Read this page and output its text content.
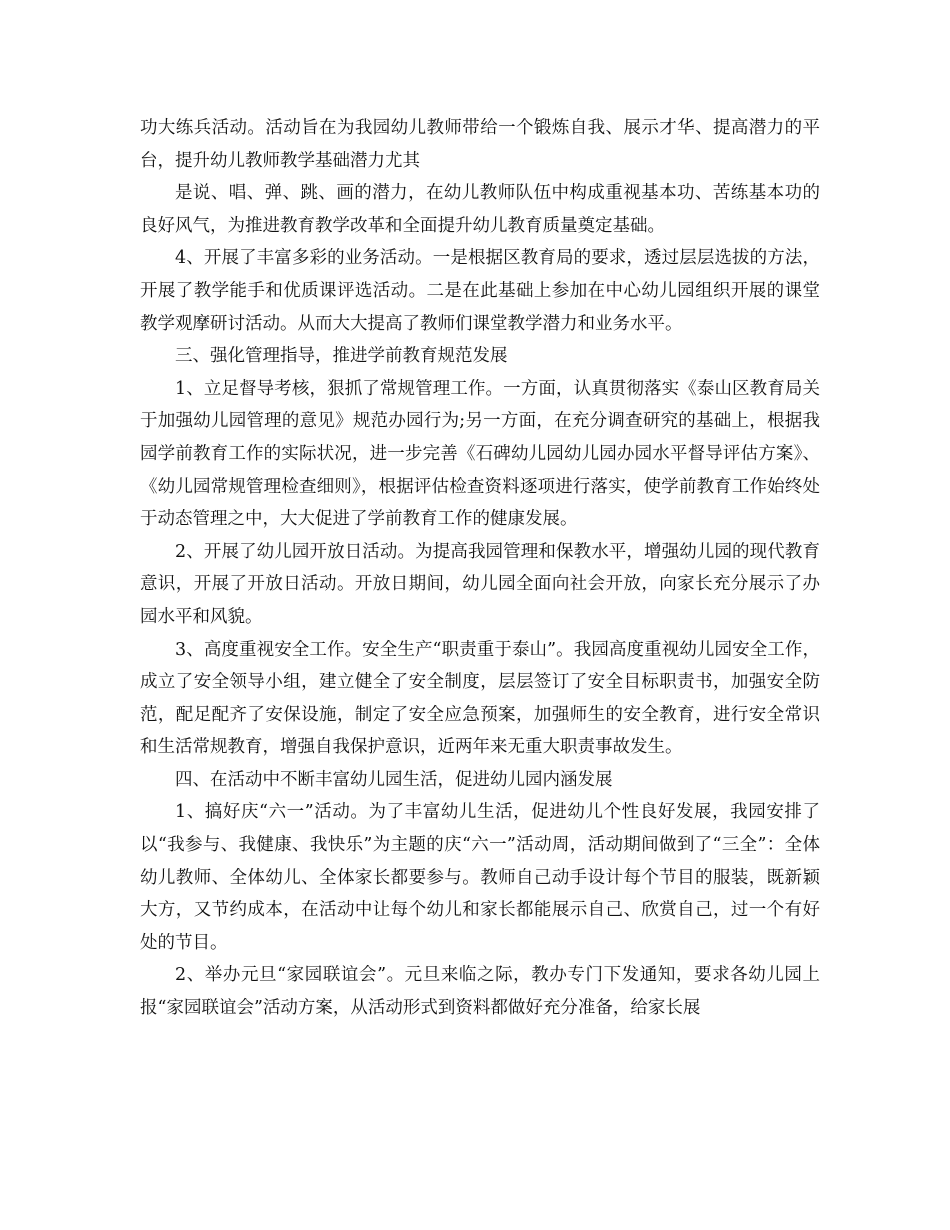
功大练兵活动。活动旨在为我园幼儿教师带给一个锻炼自我、展示才华、提高潜力的平台，提升幼儿教师教学基础潜力尤其

是说、唱、弹、跳、画的潜力，在幼儿教师队伍中构成重视基本功、苦练基本功的良好风气，为推进教育教学改革和全面提升幼儿教育质量奠定基础。

4、开展了丰富多彩的业务活动。一是根据区教育局的要求，透过层层选拔的方法，开展了教学能手和优质课评选活动。二是在此基础上参加在中心幼儿园组织开展的课堂教学观摩研讨活动。从而大大提高了教师们课堂教学潜力和业务水平。

三、强化管理指导，推进学前教育规范发展

1、立足督导考核，狠抓了常规管理工作。一方面，认真贯彻落实《泰山区教育局关于加强幼儿园管理的意见》规范办园行为;另一方面，在充分调查研究的基础上，根据我园学前教育工作的实际状况，进一步完善《石碑幼儿园幼儿园办园水平督导评估方案》、《幼儿园常规管理检查细则》，根据评估检查资料逐项进行落实，使学前教育工作始终处于动态管理之中，大大促进了学前教育工作的健康发展。

2、开展了幼儿园开放日活动。为提高我园管理和保教水平，增强幼儿园的现代教育意识，开展了开放日活动。开放日期间，幼儿园全面向社会开放，向家长充分展示了办园水平和风貌。

3、高度重视安全工作。安全生产“职责重于泰山”。我园高度重视幼儿园安全工作，成立了安全领导小组，建立健全了安全制度，层层签订了安全目标职责书，加强安全防范，配足配齐了安保设施，制定了安全应急预案，加强师生的安全教育，进行安全常识和生活常规教育，增强自我保护意识，近两年来无重大职责事故发生。

四、在活动中不断丰富幼儿园生活，促进幼儿园内涵发展

1、搞好庆“六一”活动。为了丰富幼儿生活，促进幼儿个性良好发展，我园安排了以“我参与、我健康、我快乐”为主题的庆“六一”活动周，活动期间做到了“三全”：全体幼儿教师、全体幼儿、全体家长都要参与。教师自己动手设计每个节目的服装，既新颖大方，又节约成本，在活动中让每个幼儿和家长都能展示自己、欣赏自己，过一个有好处的节目。

2、举办元旦“家园联谊会”。元旦来临之际，教办专门下发通知，要求各幼儿园上报“家园联谊会”活动方案，从活动形式到资料都做好充分准备，给家长展
